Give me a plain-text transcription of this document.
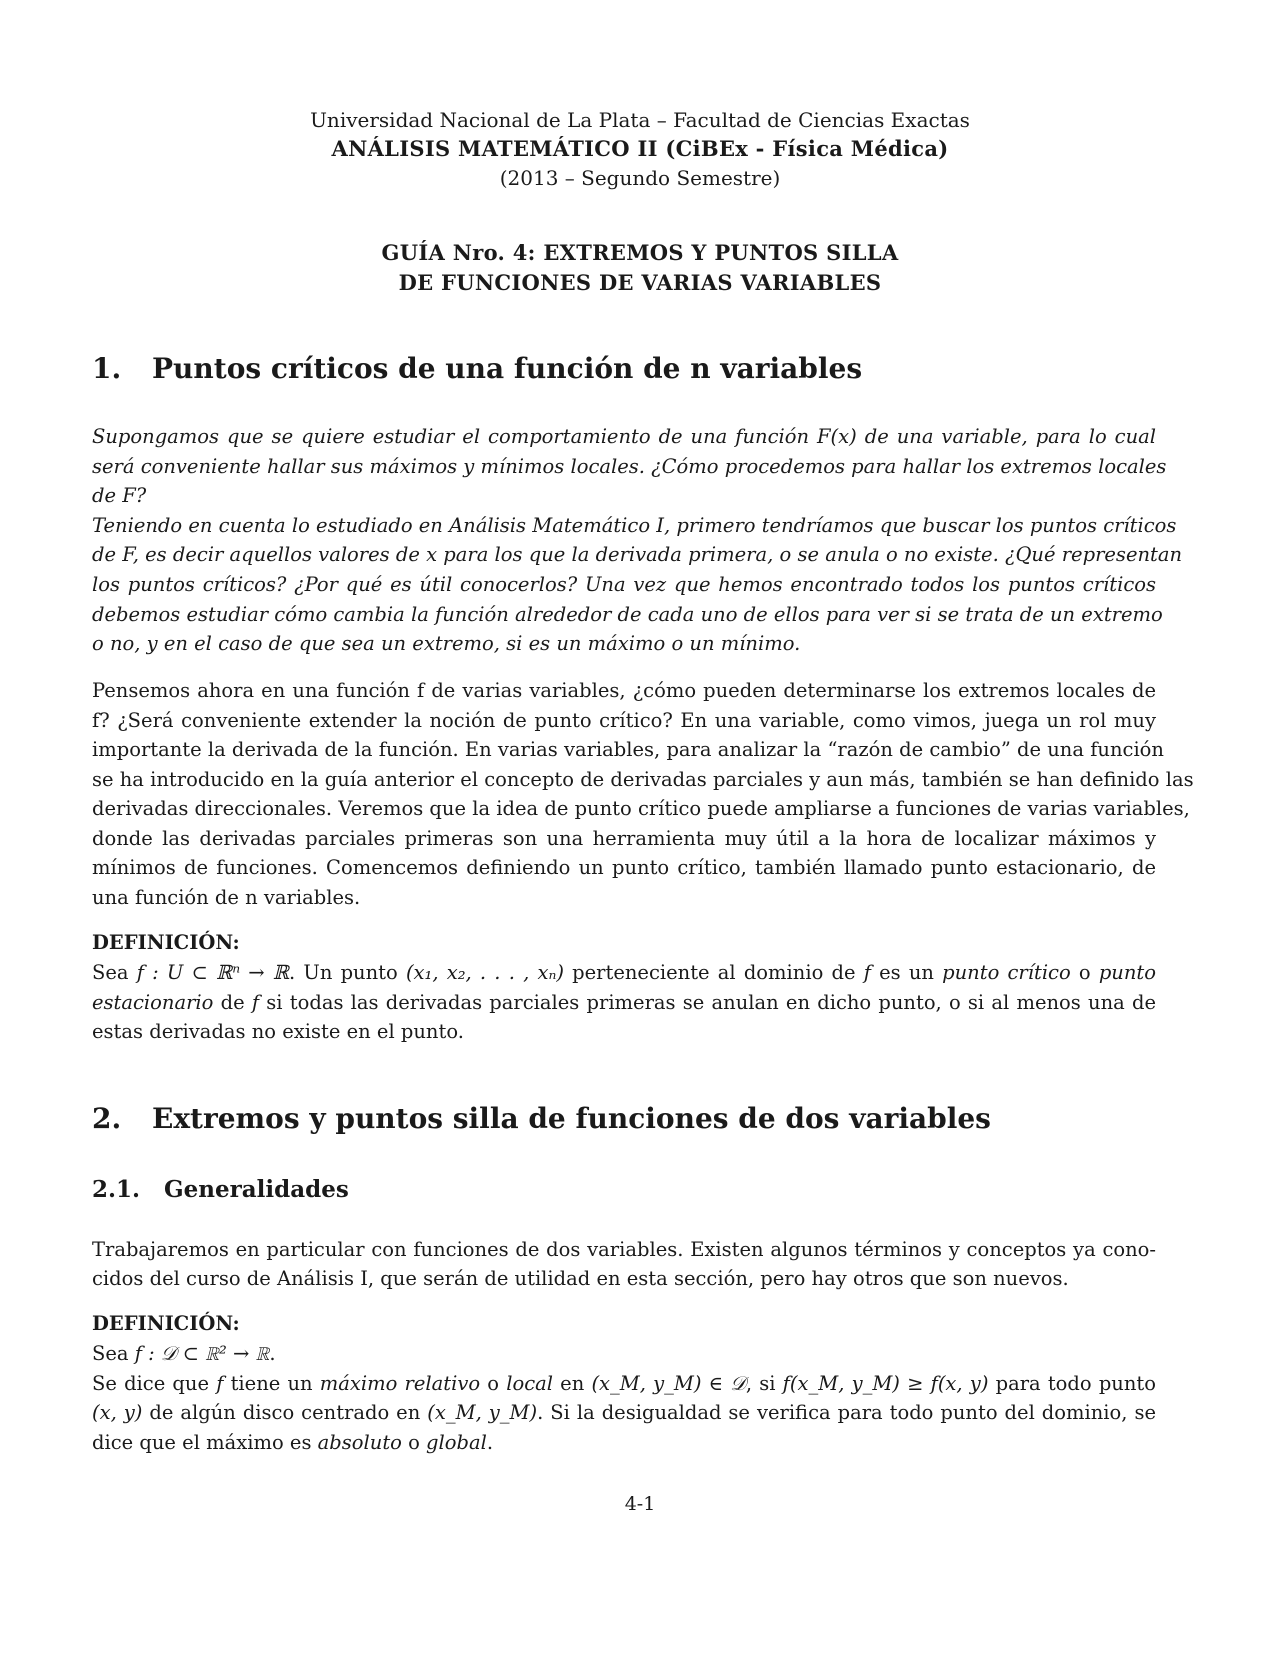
Universidad Nacional de La Plata – Facultad de Ciencias Exactas
ANÁLISIS MATEMÁTICO II (CiBEx - Física Médica)
(2013 – Segundo Semestre)
GUÍA Nro. 4: EXTREMOS Y PUNTOS SILLA
DE FUNCIONES DE VARIAS VARIABLES
1. Puntos críticos de una función de n variables
Supongamos que se quiere estudiar el comportamiento de una función F(x) de una variable, para lo cual
será conveniente hallar sus máximos y mínimos locales. ¿Cómo procedemos para hallar los extremos locales
de F?
Teniendo en cuenta lo estudiado en Análisis Matemático I, primero tendríamos que buscar los puntos críticos
de F, es decir aquellos valores de x para los que la derivada primera, o se anula o no existe. ¿Qué representan
los puntos críticos? ¿Por qué es útil conocerlos? Una vez que hemos encontrado todos los puntos críticos
debemos estudiar cómo cambia la función alrededor de cada uno de ellos para ver si se trata de un extremo
o no, y en el caso de que sea un extremo, si es un máximo o un mínimo.
Pensemos ahora en una función f de varias variables, ¿cómo pueden determinarse los extremos locales de
f? ¿Será conveniente extender la noción de punto crítico? En una variable, como vimos, juega un rol muy
importante la derivada de la función. En varias variables, para analizar la “razón de cambio” de una función
se ha introducido en la guía anterior el concepto de derivadas parciales y aun más, también se han definido las
derivadas direccionales. Veremos que la idea de punto crítico puede ampliarse a funciones de varias variables,
donde las derivadas parciales primeras son una herramienta muy útil a la hora de localizar máximos y
mínimos de funciones. Comencemos definiendo un punto crítico, también llamado punto estacionario, de
una función de n variables.
DEFINICIÓN:
Sea f : U ⊂ ℝⁿ → ℝ. Un punto (x₁, x₂, . . . , xₙ) perteneciente al dominio de f es un punto crítico o punto
estacionario de f si todas las derivadas parciales primeras se anulan en dicho punto, o si al menos una de
estas derivadas no existe en el punto.
2. Extremos y puntos silla de funciones de dos variables
2.1. Generalidades
Trabajaremos en particular con funciones de dos variables. Existen algunos términos y conceptos ya cono-
cidos del curso de Análisis I, que serán de utilidad en esta sección, pero hay otros que son nuevos.
DEFINICIÓN:
Sea f : 𝒟 ⊂ ℝ² → ℝ.
Se dice que f tiene un máximo relativo o local en (x_M, y_M) ∈ 𝒟, si f(x_M, y_M) ≥ f(x, y) para todo punto
(x, y) de algún disco centrado en (x_M, y_M). Si la desigualdad se verifica para todo punto del dominio, se
dice que el máximo es absoluto o global.
4-1
